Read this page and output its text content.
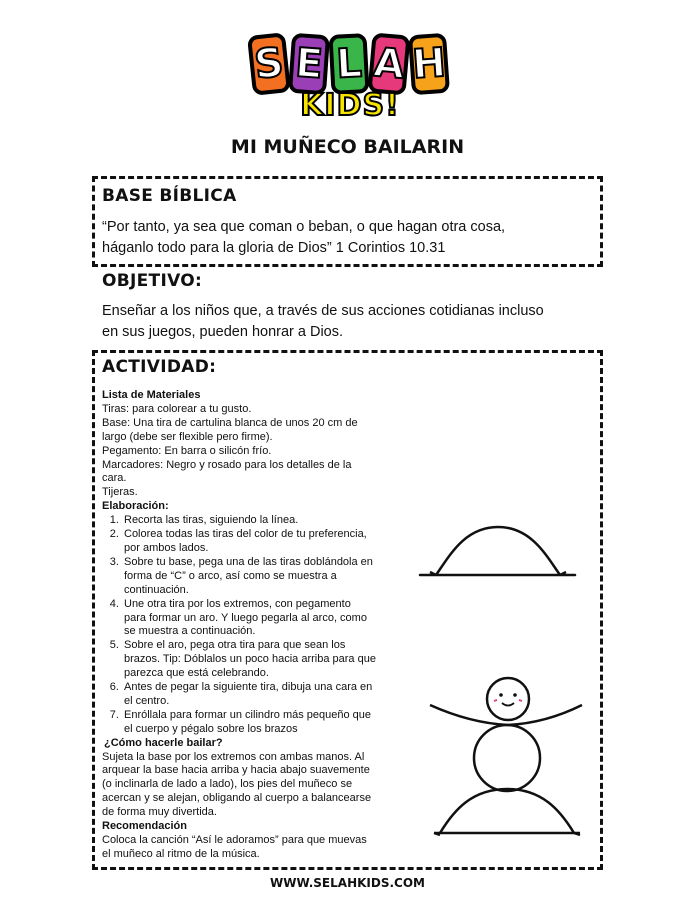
S E L A H
KIDS!
MI MUÑECO BAILARIN
BASE BÍBLICA
“Por tanto, ya sea que coman o beban, o que hagan otra cosa,
háganlo todo para la gloria de Dios” 1 Corintios 10.31
OBJETIVO:
Enseñar a los niños que, a través de sus acciones cotidianas incluso
en sus juegos, pueden honrar a Dios.
ACTIVIDAD:
Lista de Materiales
Tiras: para colorear a tu gusto.
Base: Una tira de cartulina blanca de unos 20 cm de
largo (debe ser flexible pero firme).
Pegamento: En barra o silicón frío.
Marcadores: Negro y rosado para los detalles de la
cara.
Tijeras.
Elaboración:
1. Recorta las tiras, siguiendo la línea.
2. Colorea todas las tiras del color de tu preferencia,
por ambos lados.
3. Sobre tu base, pega una de las tiras doblándola en
forma de “C” o arco, así como se muestra a
continuación.
4. Une otra tira por los extremos, con pegamento
para formar un aro. Y luego pegarla al arco, como
se muestra a continuación.
5. Sobre el aro, pega otra tira para que sean los
brazos. Tip: Dóblalos un poco hacia arriba para que
parezca que está celebrando.
6. Antes de pegar la siguiente tira, dibuja una cara en
el centro.
7. Enróllala para formar un cilindro más pequeño que
el cuerpo y pégalo sobre los brazos
¿Cómo hacerle bailar?
Sujeta la base por los extremos con ambas manos. Al
arquear la base hacia arriba y hacia abajo suavemente
(o inclinarla de lado a lado), los pies del muñeco se
acercan y se alejan, obligando al cuerpo a balancearse
de forma muy divertida.
Recomendación
Coloca la canción “Así le adoramos” para que muevas
el muñeco al ritmo de la música.
WWW.SELAHKIDS.COM
